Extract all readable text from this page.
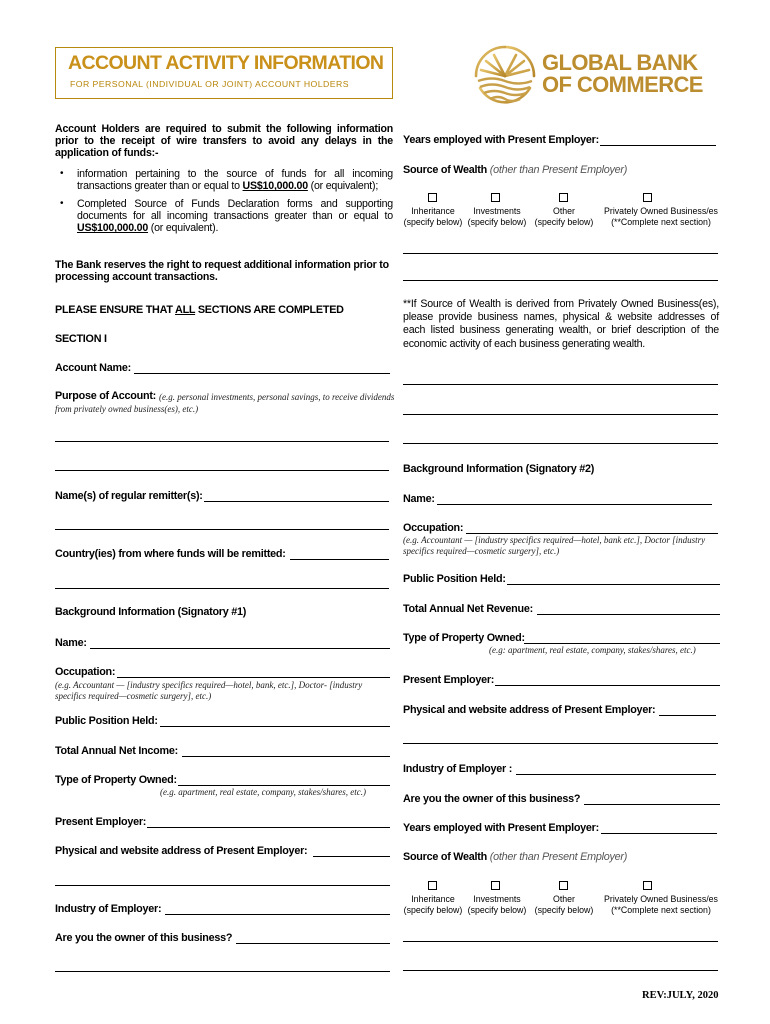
ACCOUNT ACTIVITY INFORMATION
FOR PERSONAL (INDIVIDUAL OR JOINT) ACCOUNT HOLDERS
GLOBAL BANK
OF COMMERCE
Account Holders are required to submit the following information prior to the receipt of wire transfers to avoid any delays in the application of funds:-
• information pertaining to the source of funds for all incoming transactions greater than or equal to US$10,000.00 (or equivalent);
• Completed Source of Funds Declaration forms and supporting documents for all incoming transactions greater than or equal to US$100,000.00 (or equivalent).
The Bank reserves the right to request additional information prior to processing account transactions.
PLEASE ENSURE THAT ALL SECTIONS ARE COMPLETED
SECTION I
Account Name:
Purpose of Account: (e.g. personal investments, personal savings, to receive dividends from privately owned business(es), etc.)
Name(s) of regular remitter(s):
Country(ies) from where funds will be remitted:
Background Information (Signatory #1)
Name:
Occupation:
(e.g. Accountant — [industry specifics required—hotel, bank, etc.], Doctor- [industry specifics required—cosmetic surgery], etc.)
Public Position Held:
Total Annual Net Income:
Type of Property Owned:
(e.g. apartment, real estate, company, stakes/shares, etc.)
Present Employer:
Physical and website address of Present Employer:
Industry of Employer:
Are you the owner of this business?
Years employed with Present Employer:
Source of Wealth (other than Present Employer)
Inheritance
(specify below)
Investments
(specify below)
Other
(specify below)
Privately Owned Business/es
(**Complete next section)
**If Source of Wealth is derived from Privately Owned Business(es), please provide business names, physical & website addresses of each listed business generating wealth, or brief description of the economic activity of each business generating wealth.
Background Information (Signatory #2)
Name:
Occupation:
(e.g. Accountant — [industry specifics required—hotel, bank etc.], Doctor [industry specifics required—cosmetic surgery], etc.)
Public Position Held:
Total Annual Net Revenue:
Type of Property Owned:
(e.g: apartment, real estate, company, stakes/shares, etc.)
Present Employer:
Physical and website address of Present Employer:
Industry of Employer :
Are you the owner of this business?
Years employed with Present Employer:
Source of Wealth (other than Present Employer)
Inheritance
(specify below)
Investments
(specify below)
Other
(specify below)
Privately Owned Business/es
(**Complete next section)
REV:JULY, 2020
